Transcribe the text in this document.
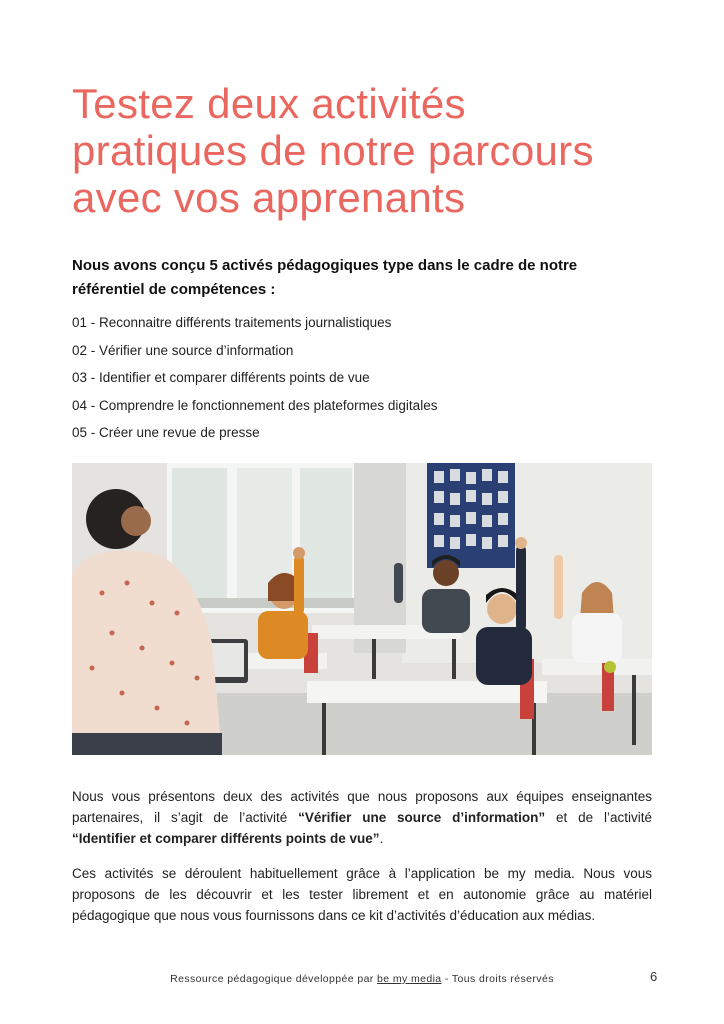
Testez deux activités
pratiques de notre parcours
avec vos apprenants

Nous avons conçu 5 activés pédagogiques type dans le cadre de notre
référentiel de compétences :

01 - Reconnaitre différents traitements journalistiques
02 - Vérifier une source d’information
03 - Identifier et comparer différents points de vue
04 - Comprendre le fonctionnement des plateformes digitales
05 - Créer une revue de presse

Nous vous présentons deux des activités que nous proposons aux équipes enseignantes
partenaires, il s’agit de l’activité “Vérifier une source d’information” et de l’activité
“Identifier et comparer différents points de vue”.

Ces activités se déroulent habituellement grâce à l’application be my media. Nous vous
proposons de les découvrir et les tester librement et en autonomie grâce au matériel
pédagogique que nous vous fournissons dans ce kit d’activités d’éducation aux médias.

Ressource pédagogique développée par be my media - Tous droits réservés	6
